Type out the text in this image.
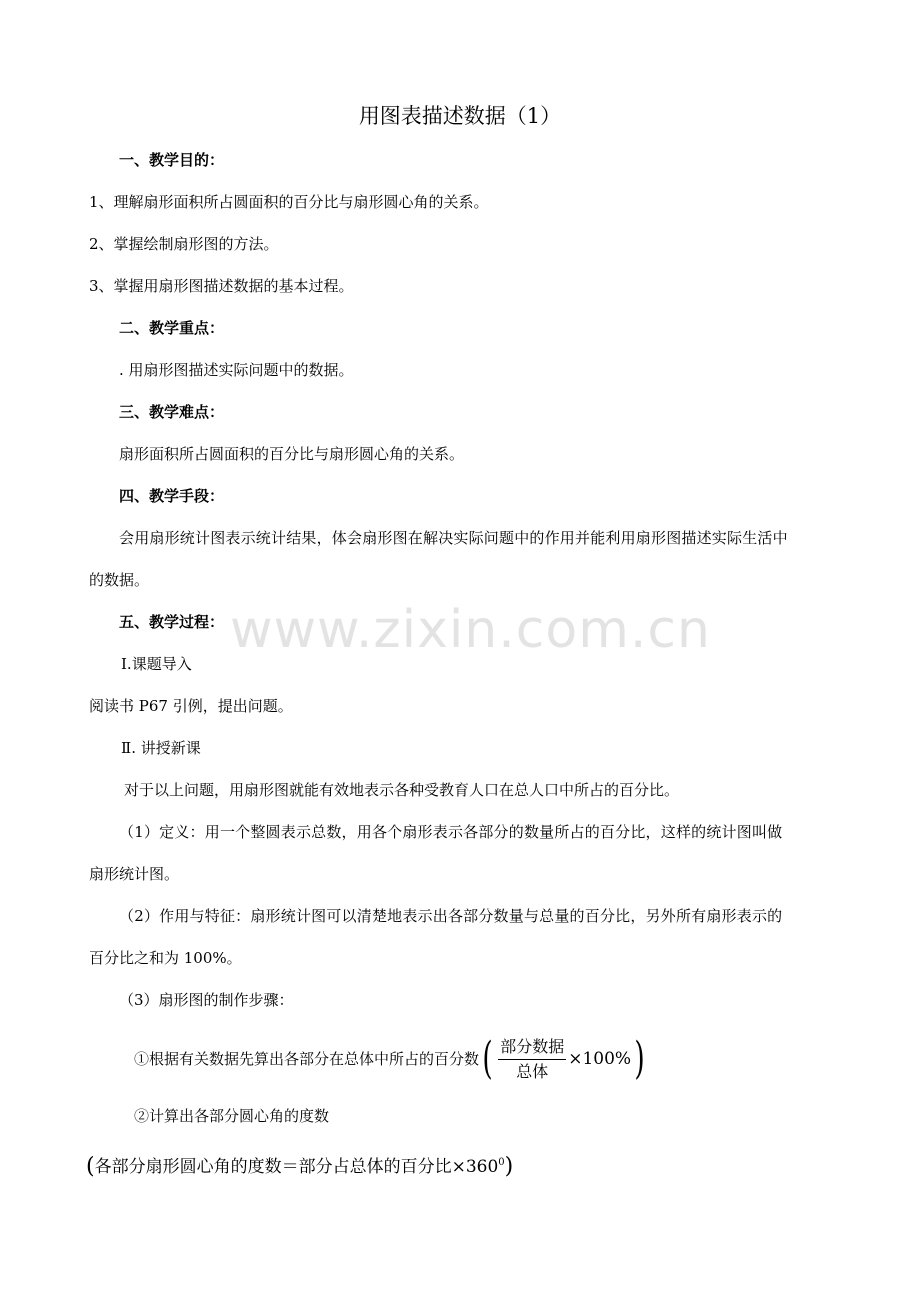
www.zixin.com.cn
用图表描述数据（1）
一、教学目的：
1、理解扇形面积所占圆面积的百分比与扇形圆心角的关系。
2、掌握绘制扇形图的方法。
3、掌握用扇形图描述数据的基本过程。
二、教学重点：
. 用扇形图描述实际问题中的数据。
三、教学难点：
扇形面积所占圆面积的百分比与扇形圆心角的关系。
四、教学手段：
会用扇形统计图表示统计结果，体会扇形图在解决实际问题中的作用并能利用扇形图描述实际生活中
的数据。
五、教学过程：
Ⅰ.课题导入
阅读书 P67 引例，提出问题。
Ⅱ. 讲授新课
对于以上问题，用扇形图就能有效地表示各种受教育人口在总人口中所占的百分比。
（1）定义：用一个整圆表示总数，用各个扇形表示各部分的数量所占的百分比，这样的统计图叫做
扇形统计图。
（2）作用与特征：扇形统计图可以清楚地表示出各部分数量与总量的百分比，另外所有扇形表示的
百分比之和为 100%。
（3）扇形图的制作步骤：
①根据有关数据先算出各部分在总体中所占的百分数( $\frac{\text{部分数据}}{\text{总体}} \times 100\%$)
②计算出各部分圆心角的度数
(各部分扇形圆心角的度数＝部分占总体的百分比$\times 360^0$)
